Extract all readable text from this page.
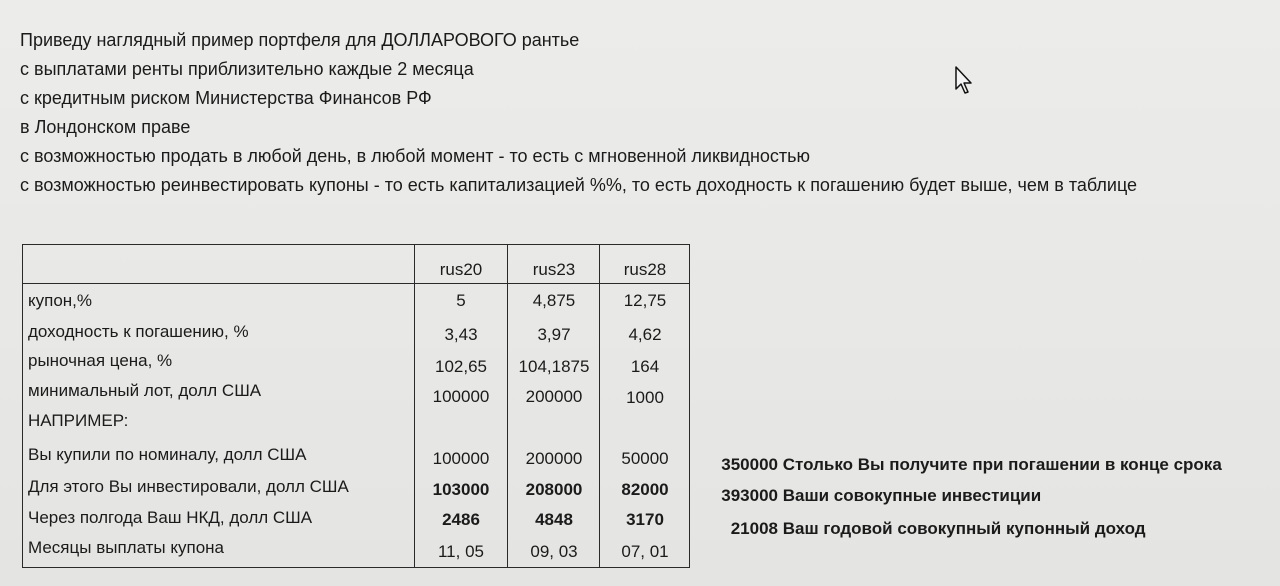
Приведу наглядный пример портфеля для ДОЛЛАРОВОГО рантье
с выплатами ренты приблизительно каждые 2 месяца
с кредитным риском Министерства Финансов РФ
в Лондонском праве
с возможностью продать в любой день, в любой момент - то есть с мгновенной ликвидностью
с возможностью реинвестировать купоны - то есть капитализацией %%, то есть доходность к погашению будет выше, чем в таблице
rus20	rus23	rus28
купон,%	5	4,875	12,75
доходность к погашению, %	3,43	3,97	4,62
рыночная цена, %	102,65	104,1875	164
минимальный лот, долл США	100000	200000	1000
НАПРИМЕР:
Вы купили по номиналу, долл США	100000	200000	50000
Для этого Вы инвестировали, долл США	103000	208000	82000
Через полгода Ваш НКД, долл США	2486	4848	3170
Месяцы выплаты купона	11, 05	09, 03	07, 01
350000 Столько Вы получите при погашении в конце срока
393000 Ваши совокупные инвестиции
21008 Ваш годовой совокупный купонный доход
